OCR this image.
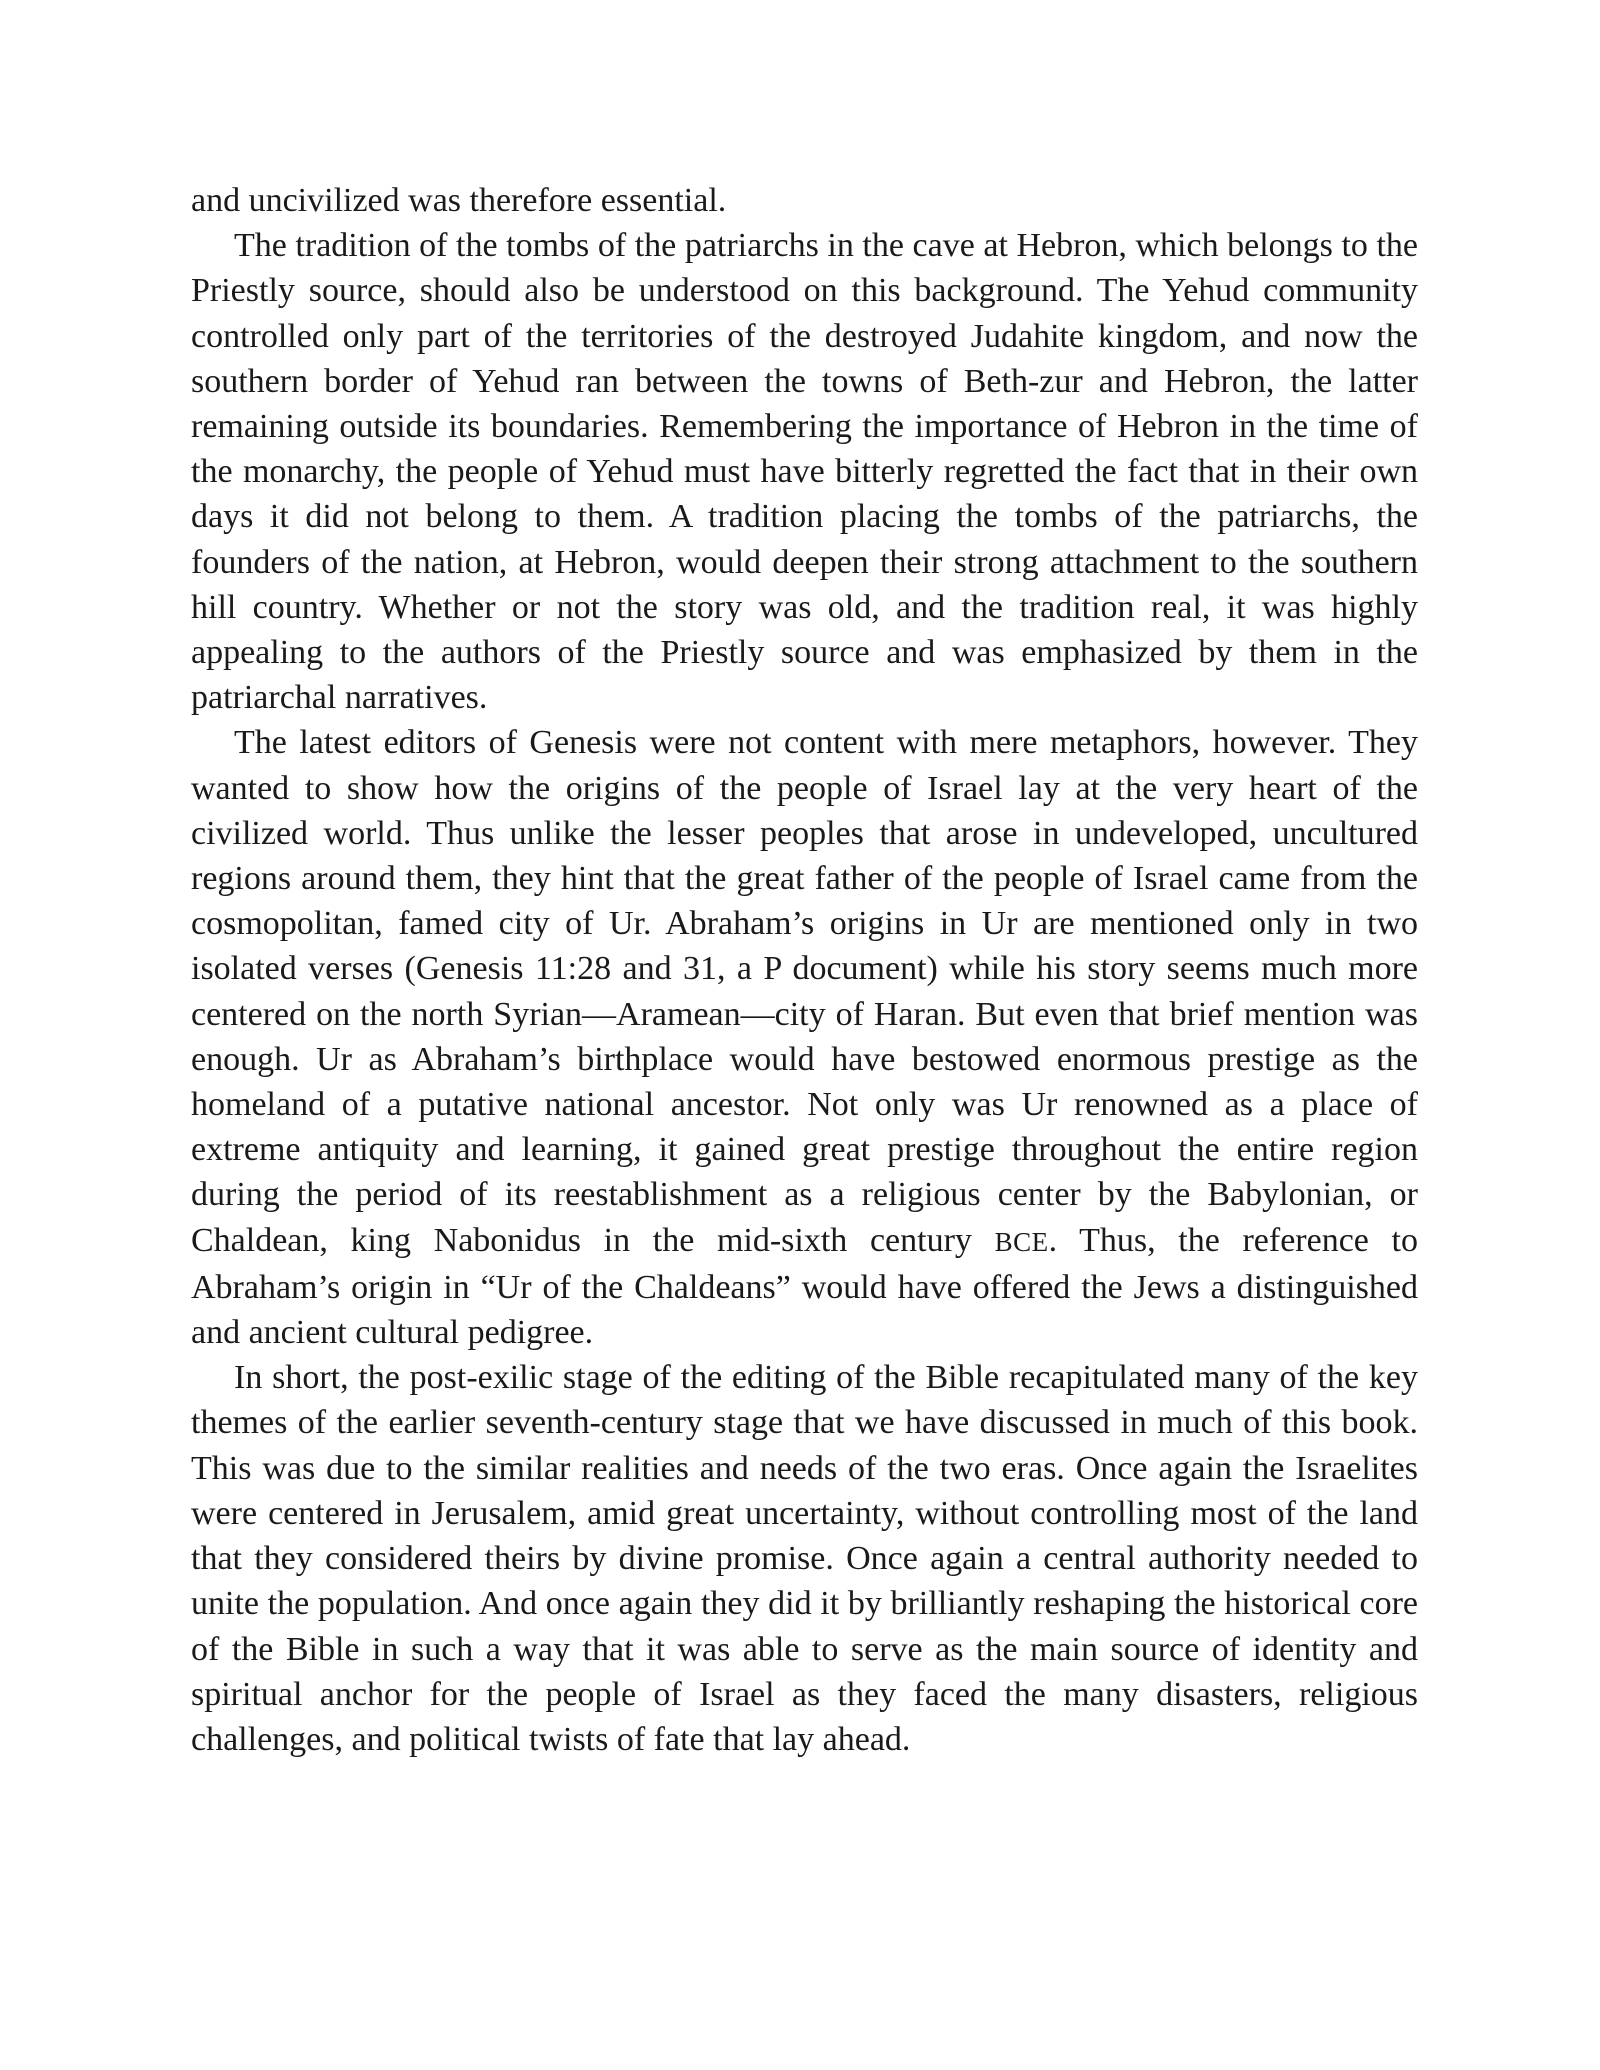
and uncivilized was therefore essential.

The tradition of the tombs of the patriarchs in the cave at Hebron, which belongs to the Priestly source, should also be understood on this background. The Yehud community controlled only part of the territories of the destroyed Judahite kingdom, and now the southern border of Yehud ran between the towns of Beth-zur and Hebron, the latter remaining outside its boundaries. Remembering the importance of Hebron in the time of the monarchy, the people of Yehud must have bitterly regretted the fact that in their own days it did not belong to them. A tradition placing the tombs of the patriarchs, the founders of the nation, at Hebron, would deepen their strong attachment to the southern hill country. Whether or not the story was old, and the tradition real, it was highly appealing to the authors of the Priestly source and was emphasized by them in the patriarchal narratives.

The latest editors of Genesis were not content with mere metaphors, however. They wanted to show how the origins of the people of Israel lay at the very heart of the civilized world. Thus unlike the lesser peoples that arose in undeveloped, uncultured regions around them, they hint that the great father of the people of Israel came from the cosmopolitan, famed city of Ur. Abraham’s origins in Ur are mentioned only in two isolated verses (Genesis 11:28 and 31, a P document) while his story seems much more centered on the north Syrian—Aramean—city of Haran. But even that brief mention was enough. Ur as Abraham’s birthplace would have bestowed enormous prestige as the homeland of a putative national ancestor. Not only was Ur renowned as a place of extreme antiquity and learning, it gained great prestige throughout the entire region during the period of its reestablishment as a religious center by the Babylonian, or Chaldean, king Nabonidus in the mid-sixth century BCE. Thus, the reference to Abraham’s origin in “Ur of the Chaldeans” would have offered the Jews a distinguished and ancient cultural pedigree.

In short, the post-exilic stage of the editing of the Bible recapitulated many of the key themes of the earlier seventh-century stage that we have discussed in much of this book. This was due to the similar realities and needs of the two eras. Once again the Israelites were centered in Jerusalem, amid great uncertainty, without controlling most of the land that they considered theirs by divine promise. Once again a central authority needed to unite the population. And once again they did it by brilliantly reshaping the historical core of the Bible in such a way that it was able to serve as the main source of identity and spiritual anchor for the people of Israel as they faced the many disasters, religious challenges, and political twists of fate that lay ahead.
